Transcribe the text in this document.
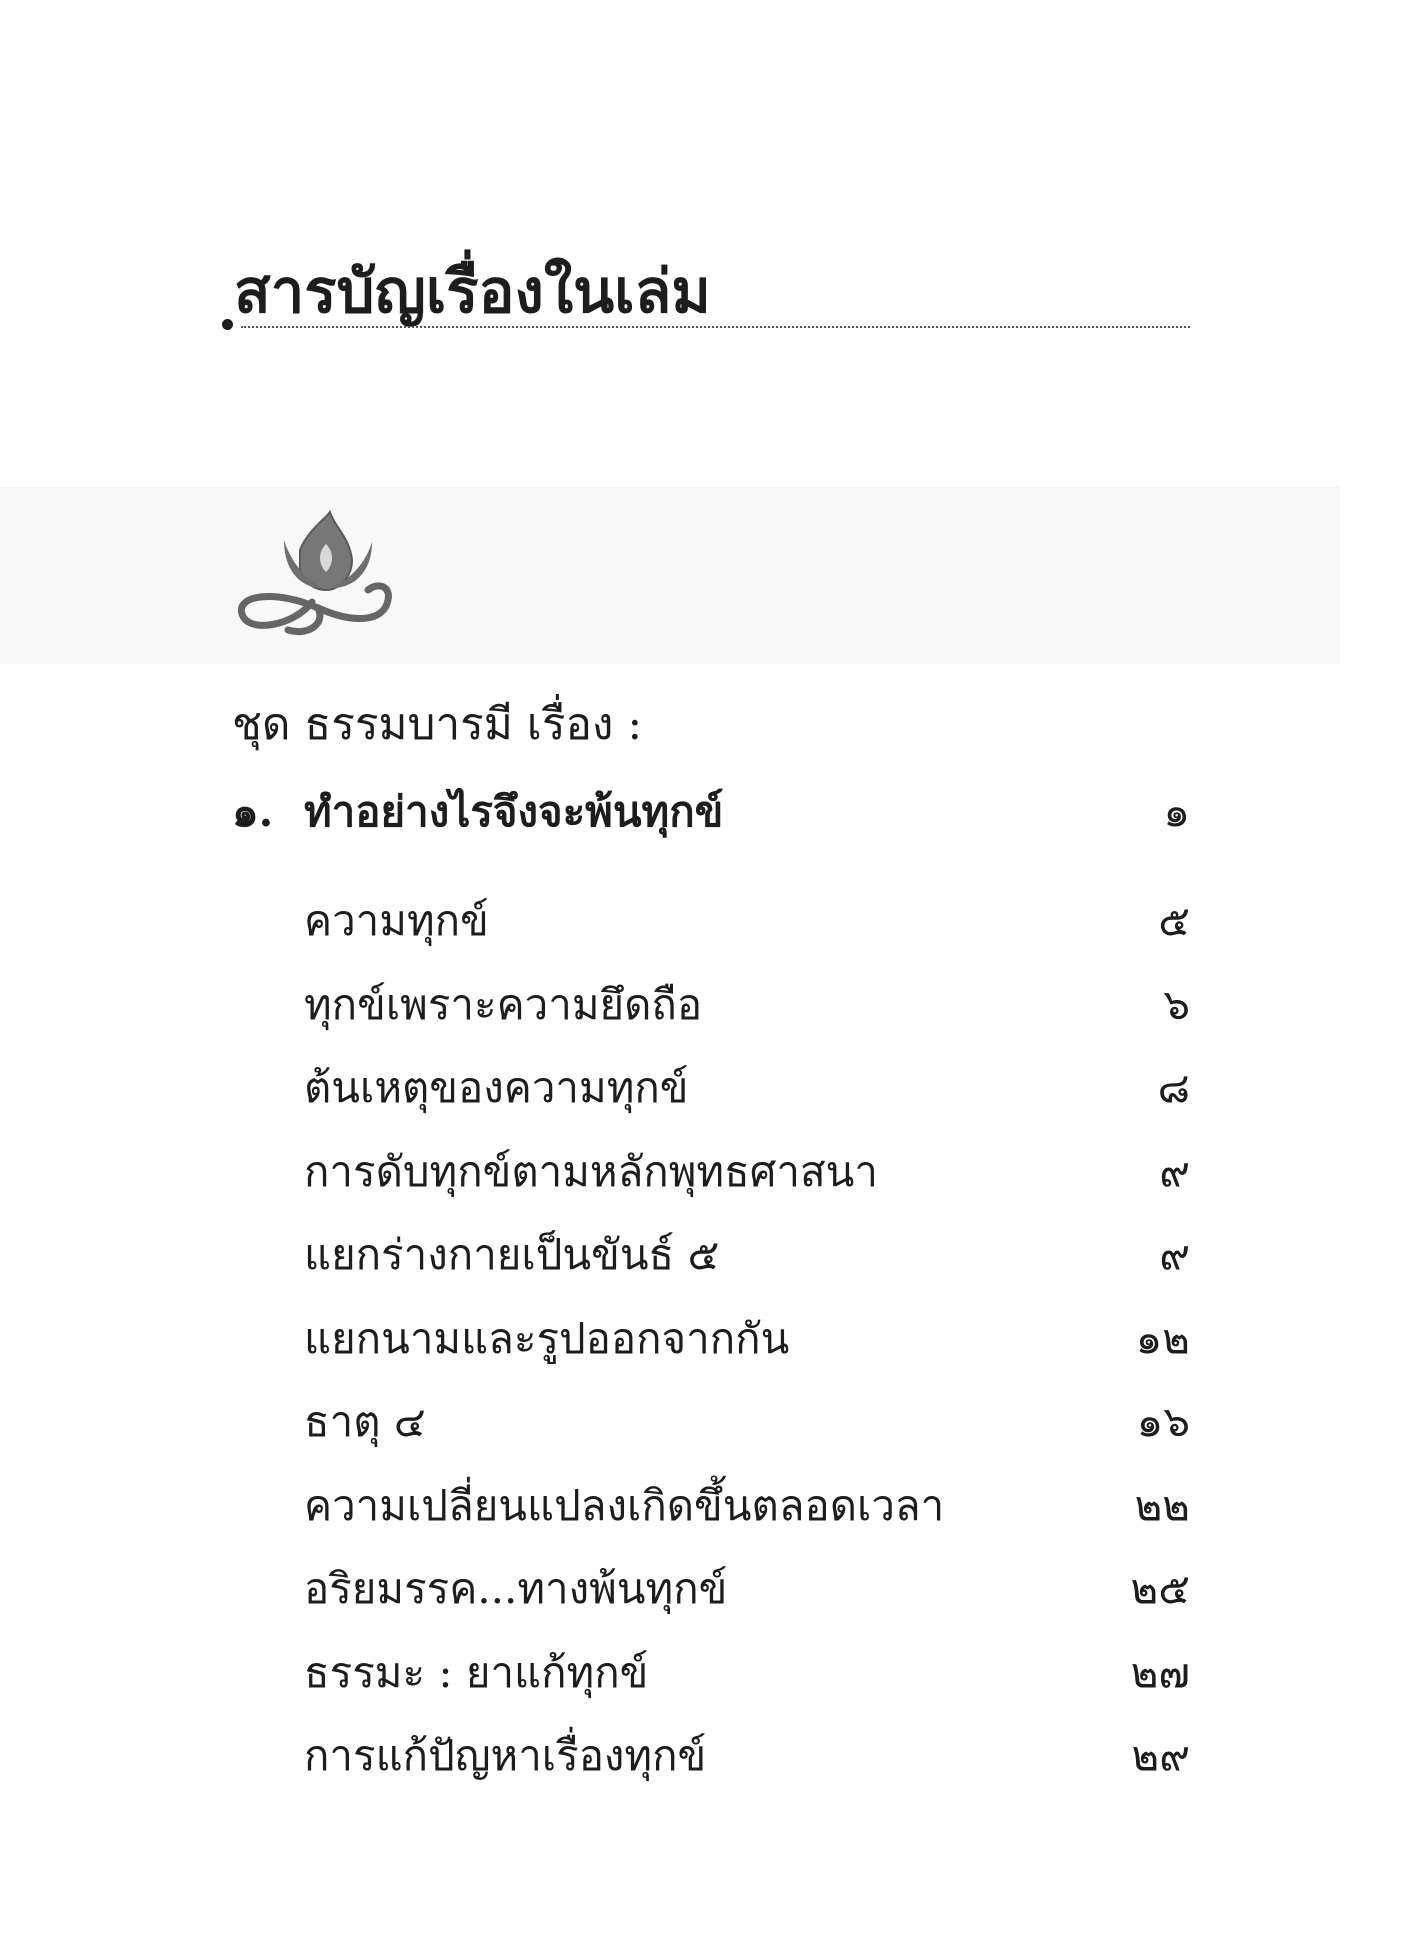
สารบัญเรื่องในเล่ม
ชุด ธรรมบารมี เรื่อง :
๑. ทำอย่างไรจึงจะพ้นทุกข์	๑
ความทุกข์	๕
ทุกข์เพราะความยึดถือ	๖
ต้นเหตุของความทุกข์	๘
การดับทุกข์ตามหลักพุทธศาสนา	๙
แยกร่างกายเป็นขันธ์ ๕	๙
แยกนามและรูปออกจากกัน	๑๒
ธาตุ ๔	๑๖
ความเปลี่ยนแปลงเกิดขึ้นตลอดเวลา	๒๒
อริยมรรค...ทางพ้นทุกข์	๒๕
ธรรมะ : ยาแก้ทุกข์	๒๗
การแก้ปัญหาเรื่องทุกข์	๒๙
